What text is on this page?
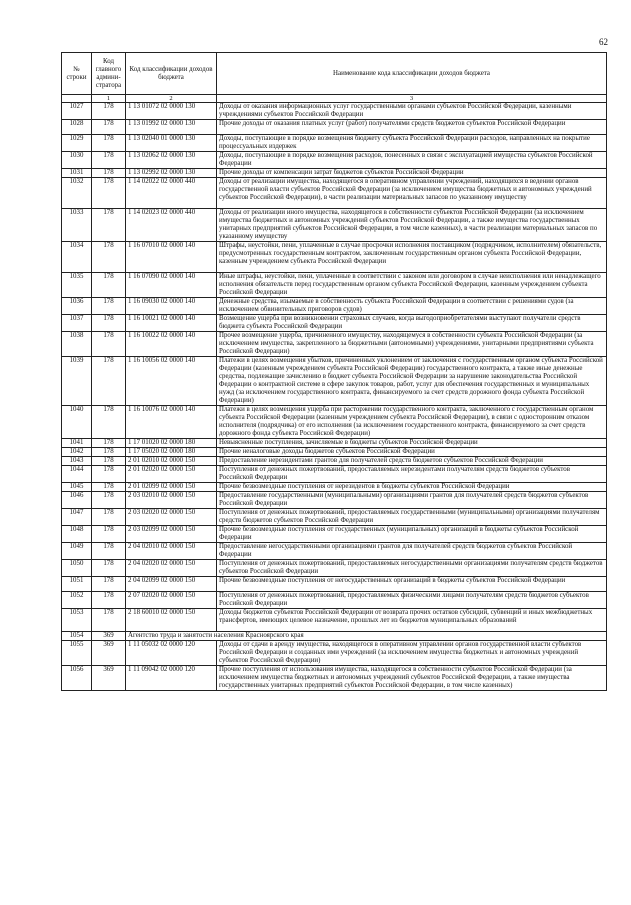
62
№ строки	Код главного админи-стратора	Код классификации доходов бюджета	Наименование кода классификации доходов бюджета
	1	2	3
1027	178	1 13 01072 02 0000 130	Доходы от оказания информационных услуг государственными органами субъектов Российской Федерации, казенными учреждениями субъектов Российской Федерации
1028	178	1 13 01992 02 0000 130	Прочие доходы от оказания платных услуг (работ) получателями средств бюджетов субъектов Российской Федерации
1029	178	1 13 02040 01 0000 130	Доходы, поступающие в порядке возмещения бюджету субъекта Российской Федерации расходов, направленных на покрытие процессуальных издержек
1030	178	1 13 02062 02 0000 130	Доходы, поступающие в порядке возмещения расходов, понесенных в связи с эксплуатацией имущества субъектов Российской Федерации
1031	178	1 13 02992 02 0000 130	Прочие доходы от компенсации затрат бюджетов субъектов Российской Федерации
1032	178	1 14 02022 02 0000 440	Доходы от реализации имущества, находящегося в оперативном управлении учреждений, находящихся в ведении органов государственной власти субъектов Российской Федерации (за исключением имущества бюджетных и автономных учреждений субъектов Российской Федерации), в части реализации материальных запасов по указанному имуществу
1033	178	1 14 02023 02 0000 440	Доходы от реализации иного имущества, находящегося в собственности субъектов Российской Федерации (за исключением имущества бюджетных и автономных учреждений субъектов Российской Федерации, а также имущества государственных унитарных предприятий субъектов Российской Федерации, в том числе казенных), в части реализации материальных запасов по указанному имуществу
1034	178	1 16 07010 02 0000 140	Штрафы, неустойки, пени, уплаченные в случае просрочки исполнения поставщиком (подрядчиком, исполнителем) обязательств, предусмотренных государственным контрактом, заключенным государственным органом субъекта Российской Федерации, казенным учреждением субъекта Российской Федерации
1035	178	1 16 07090 02 0000 140	Иные штрафы, неустойки, пени, уплаченные в соответствии с законом или договором в случае неисполнения или ненадлежащего исполнения обязательств перед государственным органом субъекта Российской Федерации, казенным учреждением субъекта Российской Федерации
1036	178	1 16 09030 02 0000 140	Денежные средства, изымаемые в собственность субъекта Российской Федерации в соответствии с решениями судов (за исключением обвинительных приговоров судов)
1037	178	1 16 10021 02 0000 140	Возмещение ущерба при возникновении страховых случаев, когда выгодоприобретателями выступают получатели средств бюджета субъекта Российской Федерации
1038	178	1 16 10022 02 0000 140	Прочее возмещение ущерба, причиненного имуществу, находящемуся в собственности субъекта Российской Федерации (за исключением имущества, закрепленного за бюджетными (автономными) учреждениями, унитарными предприятиями субъекта Российской Федерации)
1039	178	1 16 10056 02 0000 140	Платежи в целях возмещения убытков, причиненных уклонением от заключения с государственным органом субъекта Российской Федерации (казенным учреждением субъекта Российской Федерации) государственного контракта, а также иные денежные средства, подлежащие зачислению в бюджет субъекта Российской Федерации за нарушение законодательства Российской Федерации о контрактной системе в сфере закупок товаров, работ, услуг для обеспечения государственных и муниципальных нужд (за исключением государственного контракта, финансируемого за счет средств дорожного фонда субъекта Российской Федерации)
1040	178	1 16 10076 02 0000 140	Платежи в целях возмещения ущерба при расторжении государственного контракта, заключенного с государственным органом субъекта Российской Федерации (казенным учреждением субъекта Российской Федерации), в связи с односторонним отказом исполнителя (подрядчика) от его исполнения (за исключением государственного контракта, финансируемого за счет средств дорожного фонда субъекта Российской Федерации)
1041	178	1 17 01020 02 0000 180	Невыясненные поступления, зачисляемые в бюджеты субъектов Российской Федерации
1042	178	1 17 05020 02 0000 180	Прочие неналоговые доходы бюджетов субъектов Российской Федерации
1043	178	2 01 02010 02 0000 150	Предоставление нерезидентами грантов для получателей средств бюджетов субъектов Российской Федерации
1044	178	2 01 02020 02 0000 150	Поступления от денежных пожертвований, предоставляемых нерезидентами получателям средств бюджетов субъектов Российской Федерации
1045	178	2 01 02099 02 0000 150	Прочие безвозмездные поступления от нерезидентов в бюджеты субъектов Российской Федерации
1046	178	2 03 02010 02 0000 150	Предоставление государственными (муниципальными) организациями грантов для получателей средств бюджетов субъектов Российской Федерации
1047	178	2 03 02020 02 0000 150	Поступления от денежных пожертвований, предоставляемых государственными (муниципальными) организациями получателям средств бюджетов субъектов Российской Федерации
1048	178	2 03 02099 02 0000 150	Прочие безвозмездные поступления от государственных (муниципальных) организаций в бюджеты субъектов Российской Федерации
1049	178	2 04 02010 02 0000 150	Предоставление негосударственными организациями грантов для получателей средств бюджетов субъектов Российской Федерации
1050	178	2 04 02020 02 0000 150	Поступления от денежных пожертвований, предоставляемых негосударственными организациями получателям средств бюджетов субъектов Российской Федерации
1051	178	2 04 02099 02 0000 150	Прочие безвозмездные поступления от негосударственных организаций в бюджеты субъектов Российской Федерации
1052	178	2 07 02020 02 0000 150	Поступления от денежных пожертвований, предоставляемых физическими лицами получателям средств бюджетов субъектов Российской Федерации
1053	178	2 18 60010 02 0000 150	Доходы бюджетов субъектов Российской Федерации от возврата прочих остатков субсидий, субвенций и иных межбюджетных трансфертов, имеющих целевое назначение, прошлых лет из бюджетов муниципальных образований
1054	369	Агентство труда и занятости населения Красноярского края	
1055	369	1 11 05032 02 0000 120	Доходы от сдачи в аренду имущества, находящегося в оперативном управлении органов государственной власти субъектов Российской Федерации и созданных ими учреждений (за исключением имущества бюджетных и автономных учреждений субъектов Российской Федерации)
1056	369	1 11 09042 02 0000 120	Прочие поступления от использования имущества, находящегося в собственности субъектов Российской Федерации (за исключением имущества бюджетных и автономных учреждений субъектов Российской Федерации, а также имущества государственных унитарных предприятий субъектов Российской Федерации, в том числе казенных)
